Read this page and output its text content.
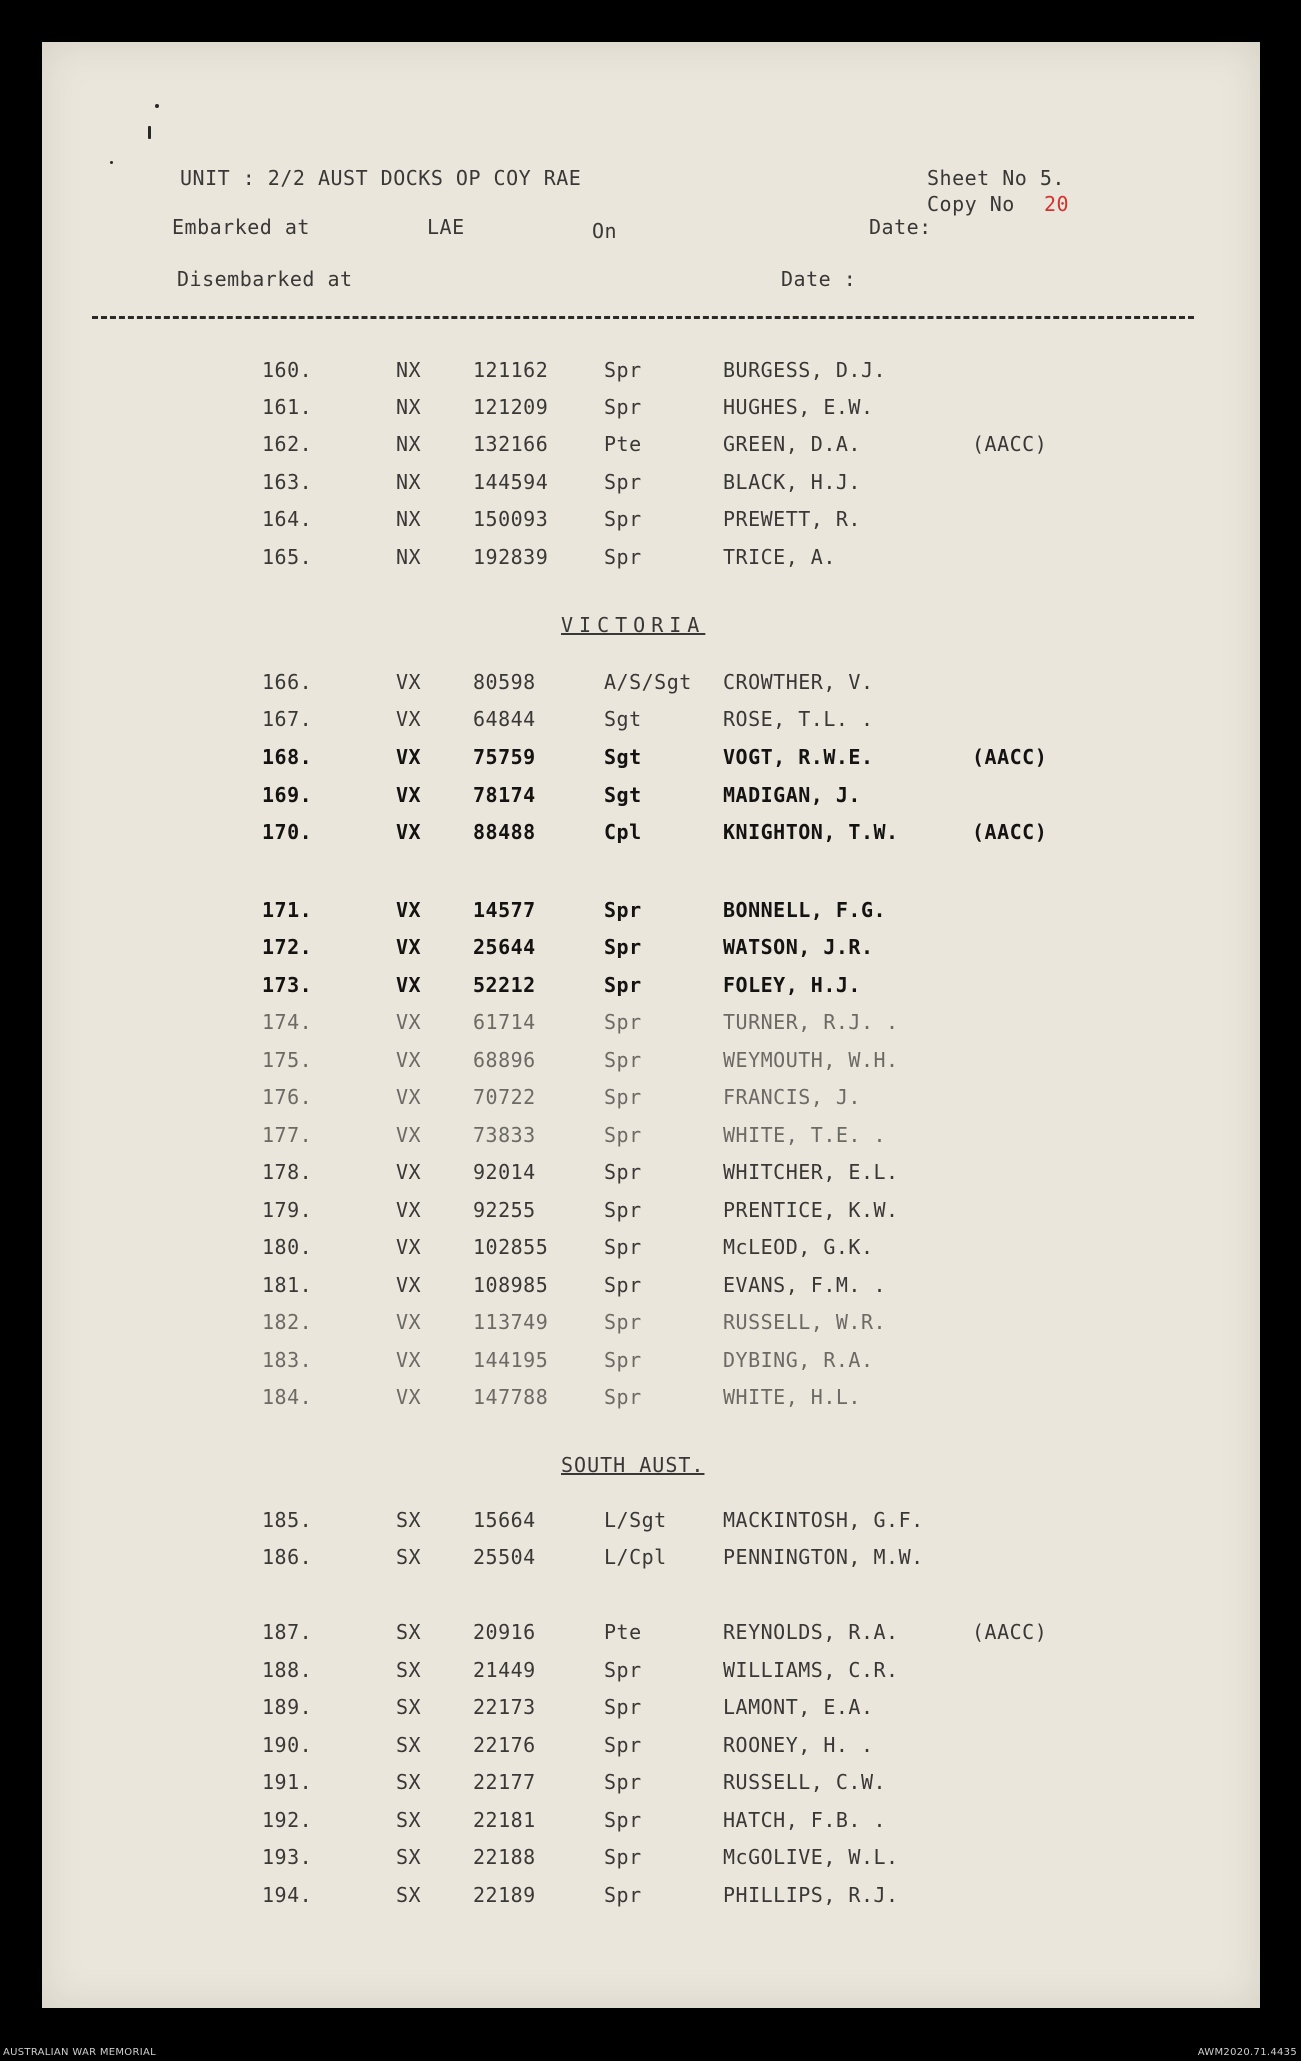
UNIT : 2/2 AUST DOCKS OP COY RAE	Sheet No 5.
Copy No 20
Embarked at	LAE	On	Date:
Disembarked at	Date :
VICTORIA
SOUTH AUST.
160.	NX	121162	Spr	BURGESS, D.J.
161.	NX	121209	Spr	HUGHES, E.W.
162.	NX	132166	Pte	GREEN, D.A.	(AACC)
163.	NX	144594	Spr	BLACK, H.J.
164.	NX	150093	Spr	PREWETT, R.
165.	NX	192839	Spr	TRICE, A.
166.	VX	80598	A/S/Sgt CROWTHER, V.
167.	VX	64844	Sgt	ROSE, T.L. .
168.	VX	75759	Sgt	VOGT, R.W.E.	(AACC)
169.	VX	78174	Sgt	MADIGAN, J.
170.	VX	88488	Cpl	KNIGHTON, T.W.	(AACC)
171.	VX	14577	Spr	BONNELL, F.G.
172.	VX	25644	Spr	WATSON, J.R.
173.	VX	52212	Spr	FOLEY, H.J.
174.	VX	61714	Spr	TURNER, R.J. .
175.	VX	68896	Spr	WEYMOUTH, W.H.
176.	VX	70722	Spr	FRANCIS, J.
177.	VX	73833	Spr	WHITE, T.E. .
178.	VX	92014	Spr	WHITCHER, E.L.
179.	VX	92255	Spr	PRENTICE, K.W.
180.	VX	102855	Spr	McLEOD, G.K.
181.	VX	108985	Spr	EVANS, F.M. .
182.	VX	113749	Spr	RUSSELL, W.R.
183.	VX	144195	Spr	DYBING, R.A.
184.	VX	147788	Spr	WHITE, H.L.
185.	SX	15664	L/Sgt	MACKINTOSH, G.F.
186.	SX	25504	L/Cpl	PENNINGTON, M.W.
187.	SX	20916	Pte	REYNOLDS, R.A.	(AACC)
188.	SX	21449	Spr	WILLIAMS, C.R.
189.	SX	22173	Spr	LAMONT, E.A.
190.	SX	22176	Spr	ROONEY, H. .
191.	SX	22177	Spr	RUSSELL, C.W.
192.	SX	22181	Spr	HATCH, F.B. .
193.	SX	22188	Spr	McGOLIVE, W.L.
194.	SX	22189	Spr	PHILLIPS, R.J.
AUSTRALIAN WAR MEMORIAL	AWM2020.71.4435
